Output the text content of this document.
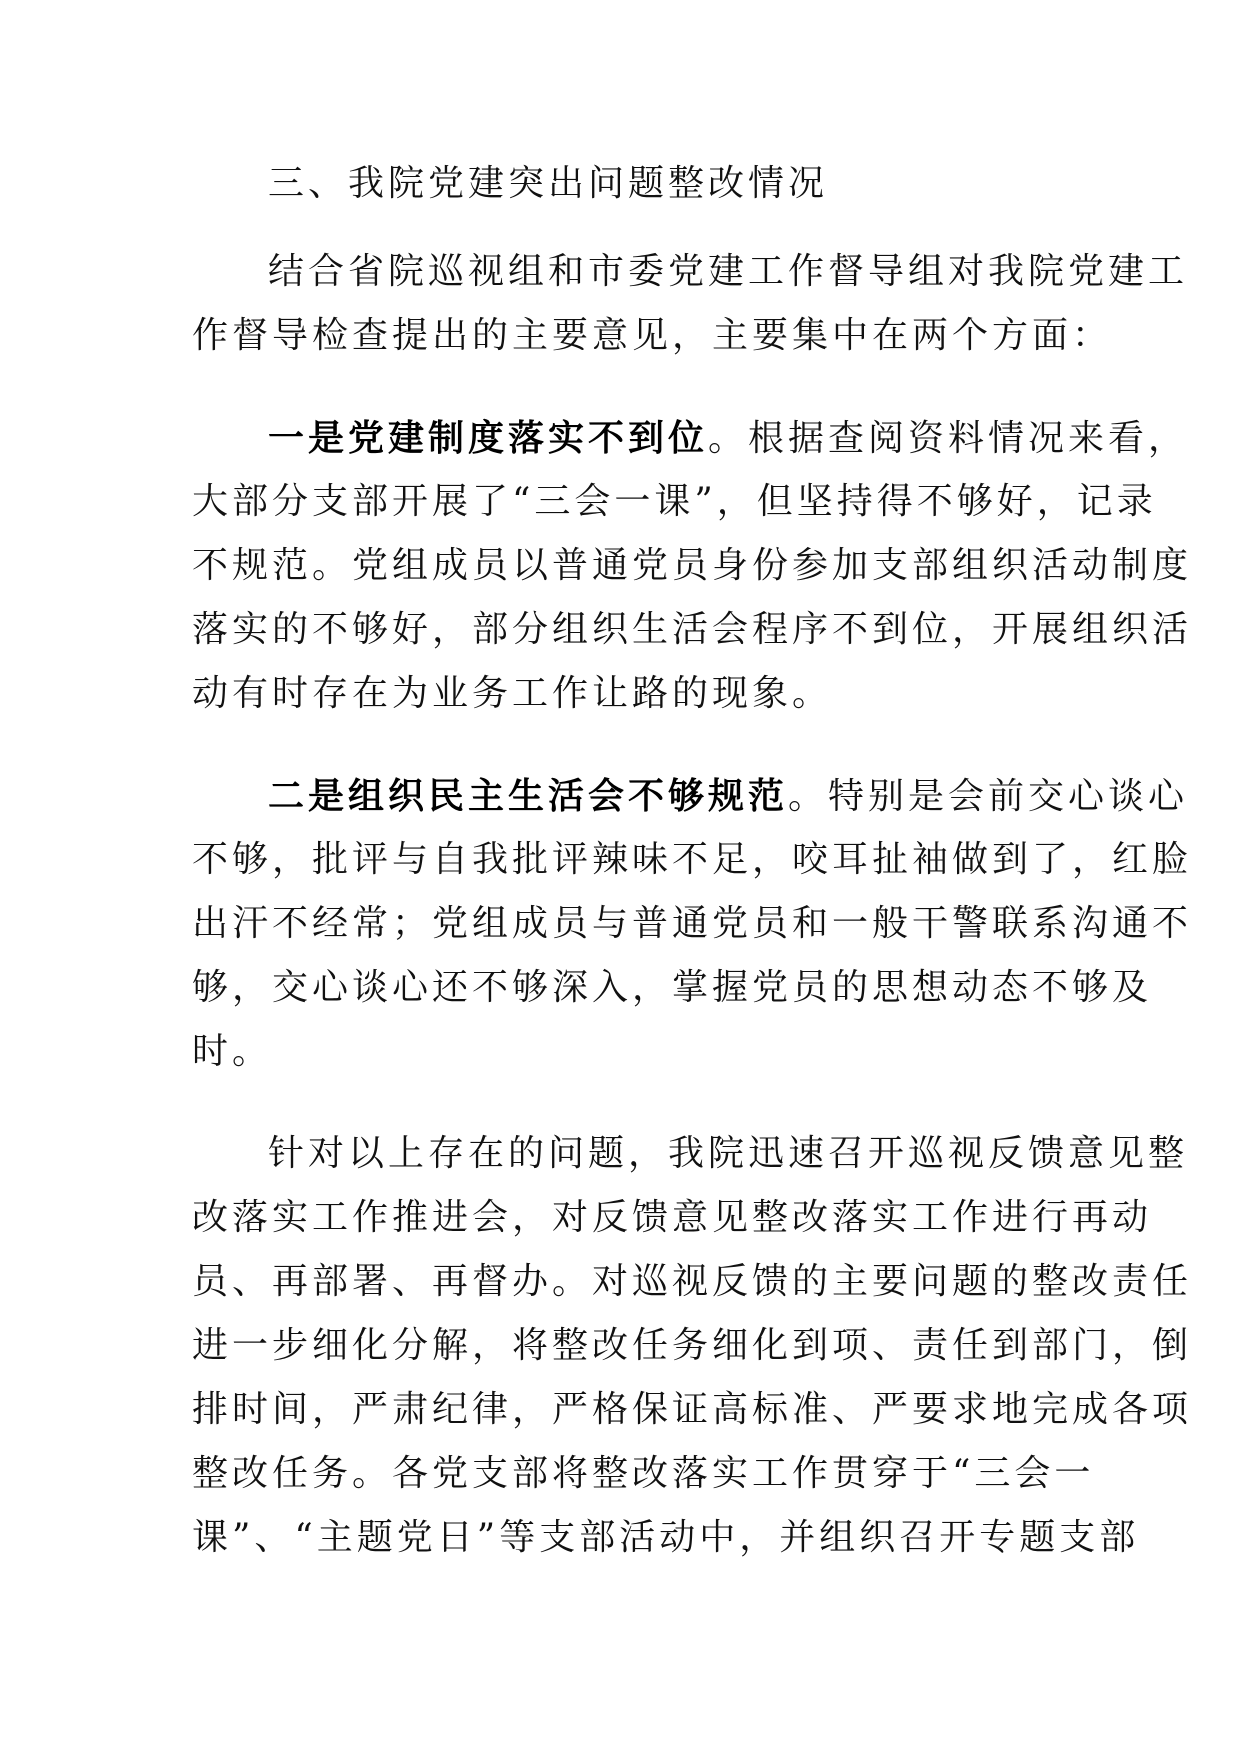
三、我院党建突出问题整改情况
结合省院巡视组和市委党建工作督导组对我院党建工
作督导检查提出的主要意见，主要集中在两个方面：
一是党建制度落实不到位。根据查阅资料情况来看，
大部分支部开展了“三会一课”，但坚持得不够好，记录
不规范。党组成员以普通党员身份参加支部组织活动制度
落实的不够好，部分组织生活会程序不到位，开展组织活
动有时存在为业务工作让路的现象。
二是组织民主生活会不够规范。特别是会前交心谈心
不够，批评与自我批评辣味不足，咬耳扯袖做到了，红脸
出汗不经常；党组成员与普通党员和一般干警联系沟通不
够，交心谈心还不够深入，掌握党员的思想动态不够及
时。
针对以上存在的问题，我院迅速召开巡视反馈意见整
改落实工作推进会，对反馈意见整改落实工作进行再动
员、再部署、再督办。对巡视反馈的主要问题的整改责任
进一步细化分解，将整改任务细化到项、责任到部门，倒
排时间，严肃纪律，严格保证高标准、严要求地完成各项
整改任务。各党支部将整改落实工作贯穿于“三会一
课”、“主题党日”等支部活动中，并组织召开专题支部
